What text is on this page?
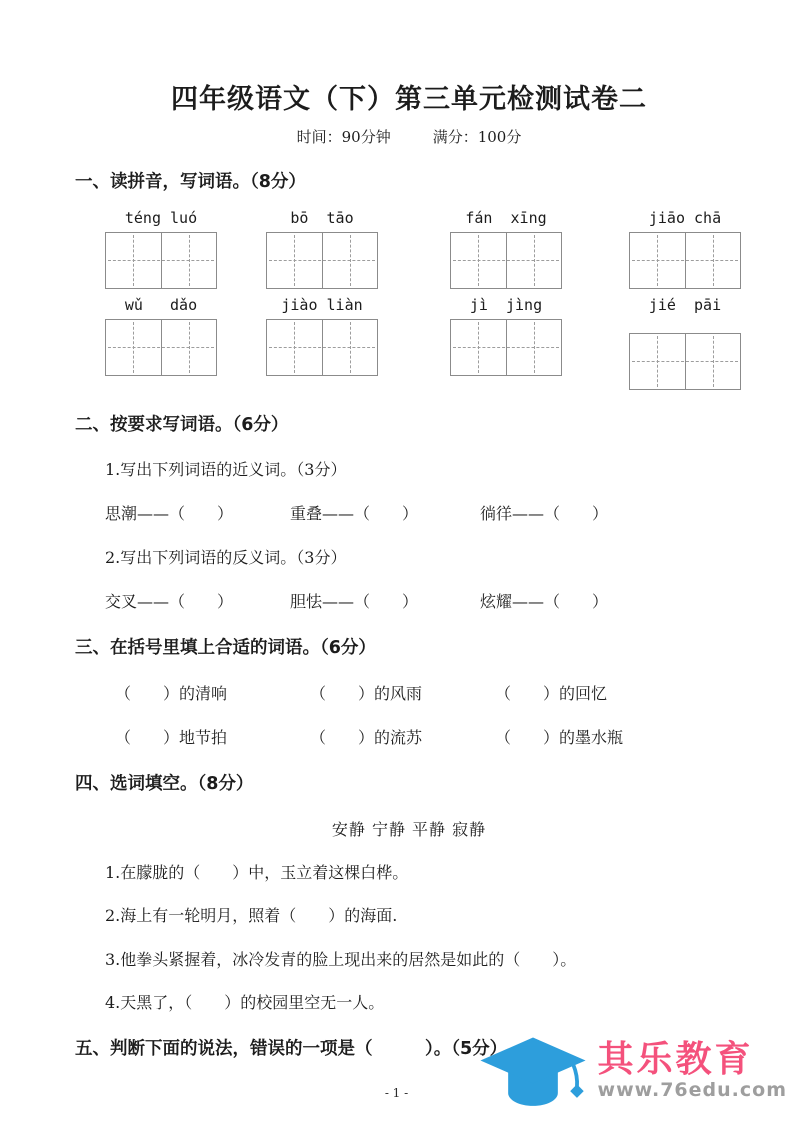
四年级语文（下）第三单元检测试卷二
时间：90分钟	满分：100分
一、读拼音，写词语。（8分）
téng luó	bō  tāo	fán  xīng	jiāo chā
wǔ   dǎo	jiào liàn	jì  jìng	jié  pāi
二、按要求写词语。（6分）
1.写出下列词语的近义词。（3分）
思潮——（　　）	重叠——（　　）	徜徉——（　　）
2.写出下列词语的反义词。（3分）
交叉——（　　）	胆怯——（　　）	炫耀——（　　）
三、在括号里填上合适的词语。（6分）
（　　）的清响	（　　）的风雨	（　　）的回忆
（　　）地节拍	（　　）的流苏	（　　）的墨水瓶
四、选词填空。（8分）
安静 宁静 平静 寂静
1.在朦胧的（　　）中，玉立着这棵白桦。
2.海上有一轮明月，照着（　　）的海面.
3.他拳头紧握着，冰冷发青的脸上现出来的居然是如此的（　　）。
4.天黑了，（　　）的校园里空无一人。
五、判断下面的说法，错误的一项是（　　　）。（5分）
- 1 -
其乐教育
www.76edu.com
